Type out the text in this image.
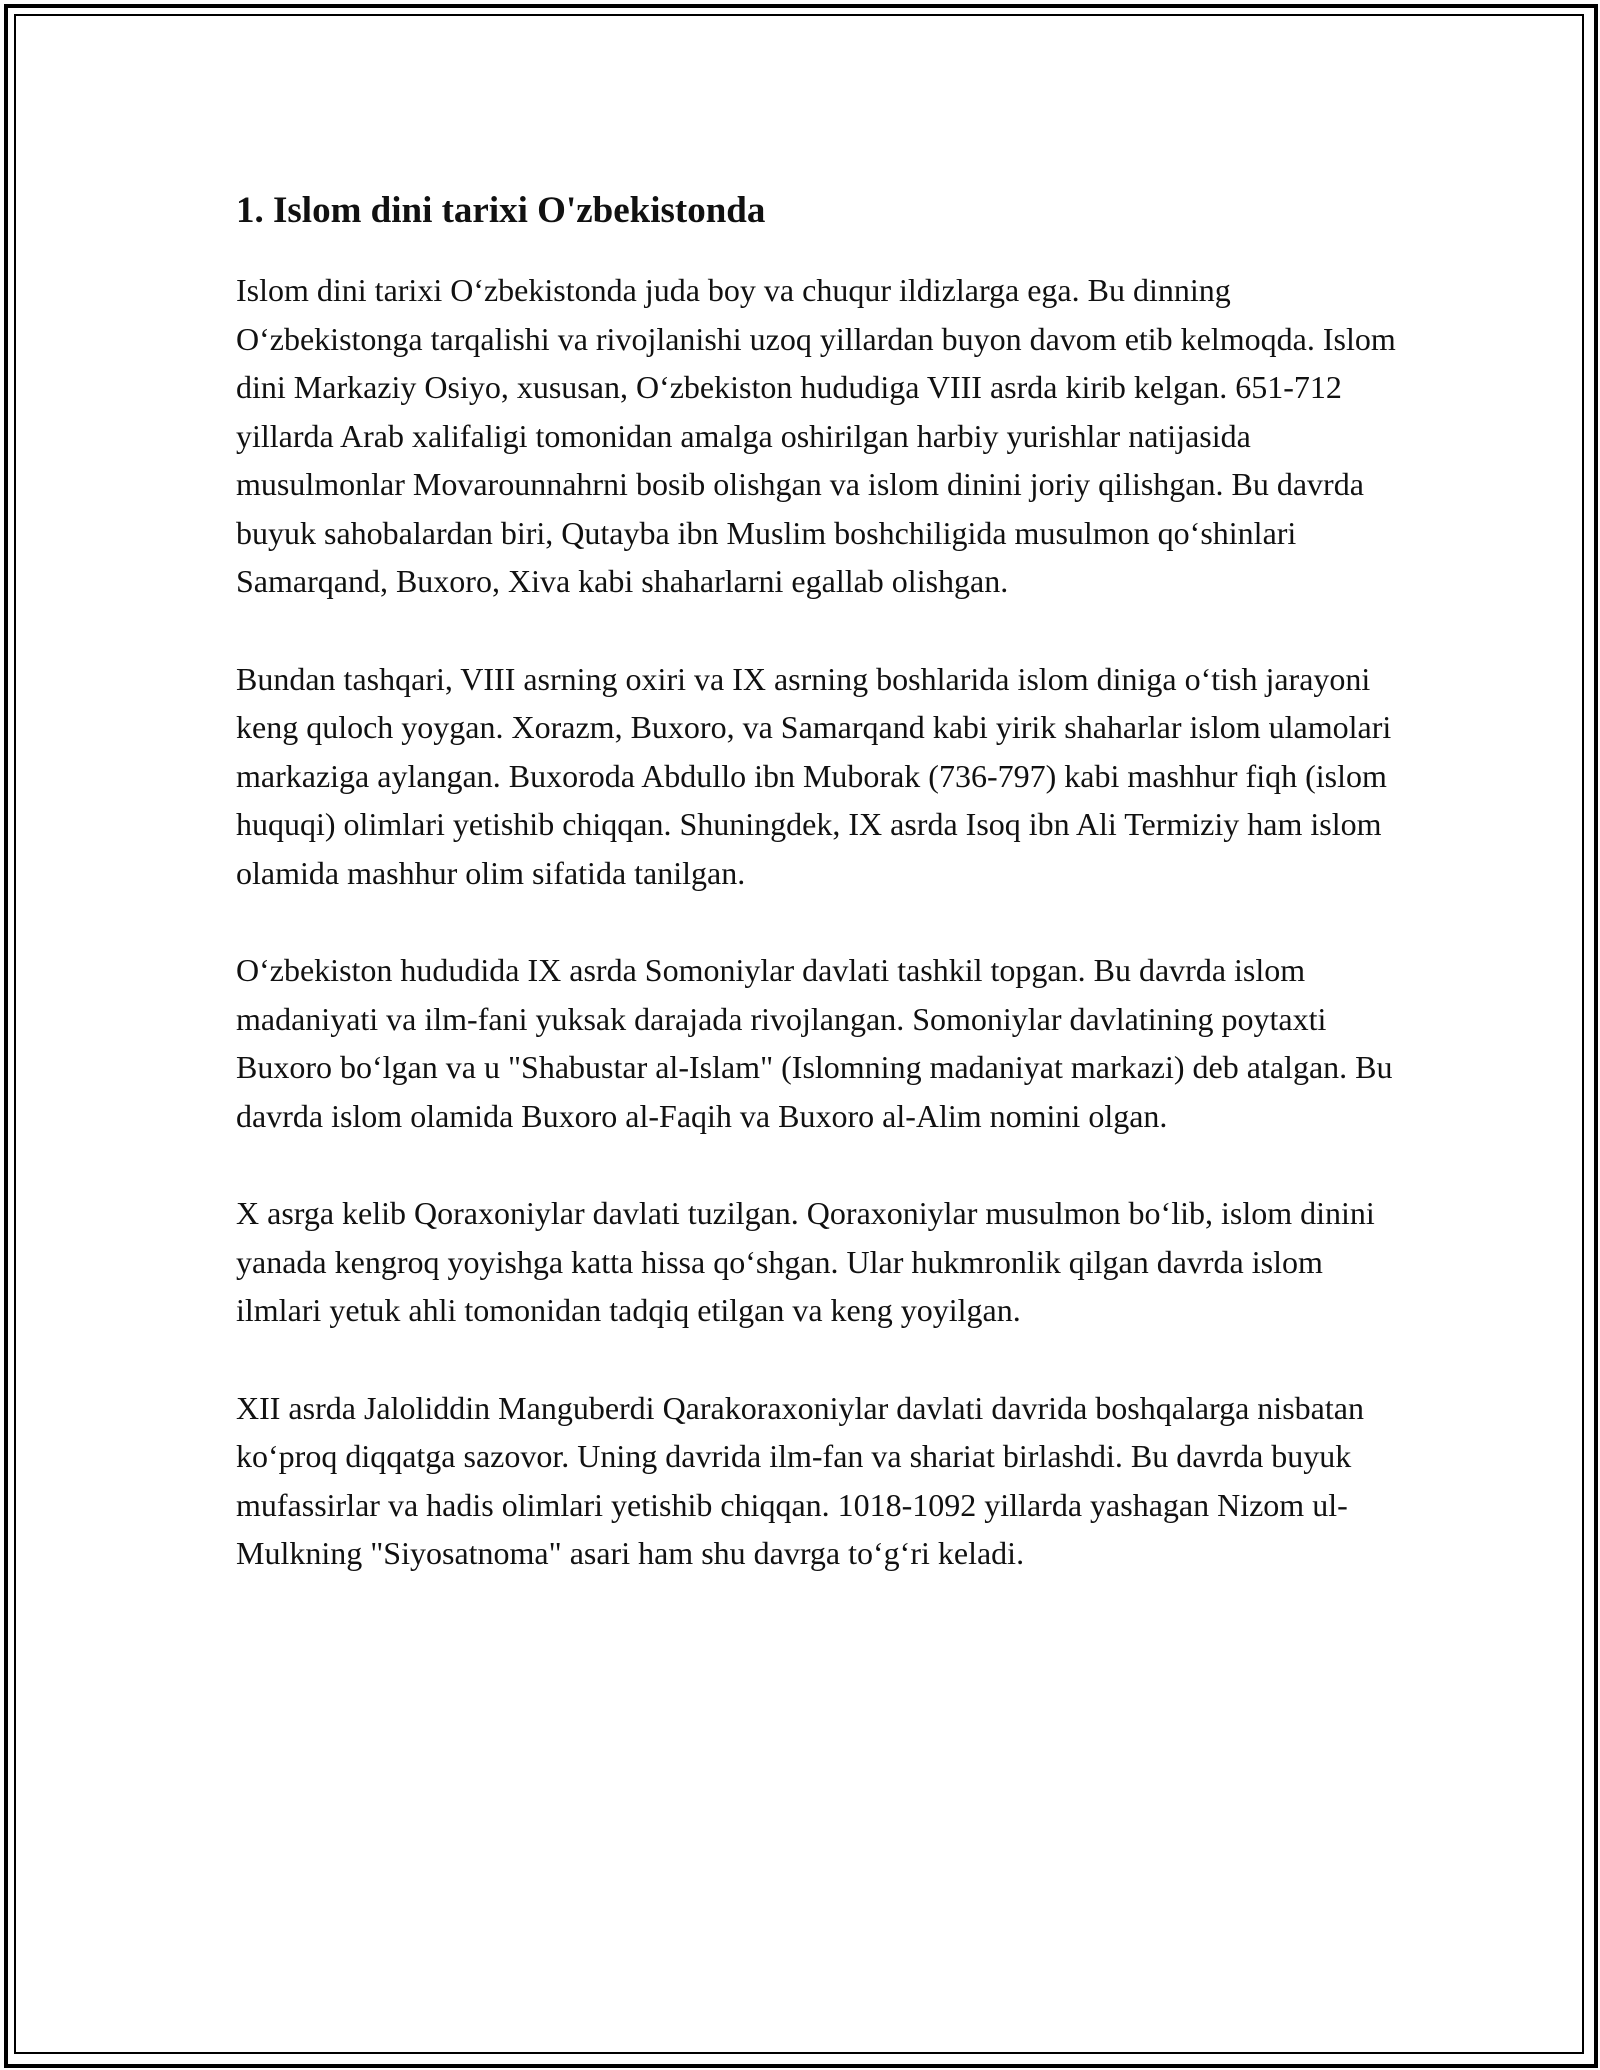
1. Islom dini tarixi O'zbekistonda

Islom dini tarixi O‘zbekistonda juda boy va chuqur ildizlarga ega. Bu dinning O‘zbekistonga tarqalishi va rivojlanishi uzoq yillardan buyon davom etib kelmoqda. Islom dini Markaziy Osiyo, xususan, O‘zbekiston hududiga VIII asrda kirib kelgan. 651-712 yillarda Arab xalifaligi tomonidan amalga oshirilgan harbiy yurishlar natijasida musulmonlar Movarounnahrni bosib olishgan va islom dinini joriy qilishgan. Bu davrda buyuk sahobalardan biri, Qutayba ibn Muslim boshchiligida musulmon qo‘shinlari Samarqand, Buxoro, Xiva kabi shaharlarni egallab olishgan.

Bundan tashqari, VIII asrning oxiri va IX asrning boshlarida islom diniga o‘tish jarayoni keng quloch yoygan. Xorazm, Buxoro, va Samarqand kabi yirik shaharlar islom ulamolari markaziga aylangan. Buxoroda Abdullo ibn Muborak (736-797) kabi mashhur fiqh (islom huquqi) olimlari yetishib chiqqan. Shuningdek, IX asrda Isoq ibn Ali Termiziy ham islom olamida mashhur olim sifatida tanilgan.

O‘zbekiston hududida IX asrda Somoniylar davlati tashkil topgan. Bu davrda islom madaniyati va ilm-fani yuksak darajada rivojlangan. Somoniylar davlatining poytaxti Buxoro bo‘lgan va u "Shabustar al-Islam" (Islomning madaniyat markazi) deb atalgan. Bu davrda islom olamida Buxoro al-Faqih va Buxoro al-Alim nomini olgan.

X asrga kelib Qoraxoniylar davlati tuzilgan. Qoraxoniylar musulmon bo‘lib, islom dinini yanada kengroq yoyishga katta hissa qo‘shgan. Ular hukmronlik qilgan davrda islom ilmlari yetuk ahli tomonidan tadqiq etilgan va keng yoyilgan.

XII asrda Jaloliddin Manguberdi Qarakoraxoniylar davlati davrida boshqalarga nisbatan ko‘proq diqqatga sazovor. Uning davrida ilm-fan va shariat birlashdi. Bu davrda buyuk mufassirlar va hadis olimlari yetishib chiqqan. 1018-1092 yillarda yashagan Nizom ul-Mulkning "Siyosatnoma" asari ham shu davrga to‘g‘ri keladi.
